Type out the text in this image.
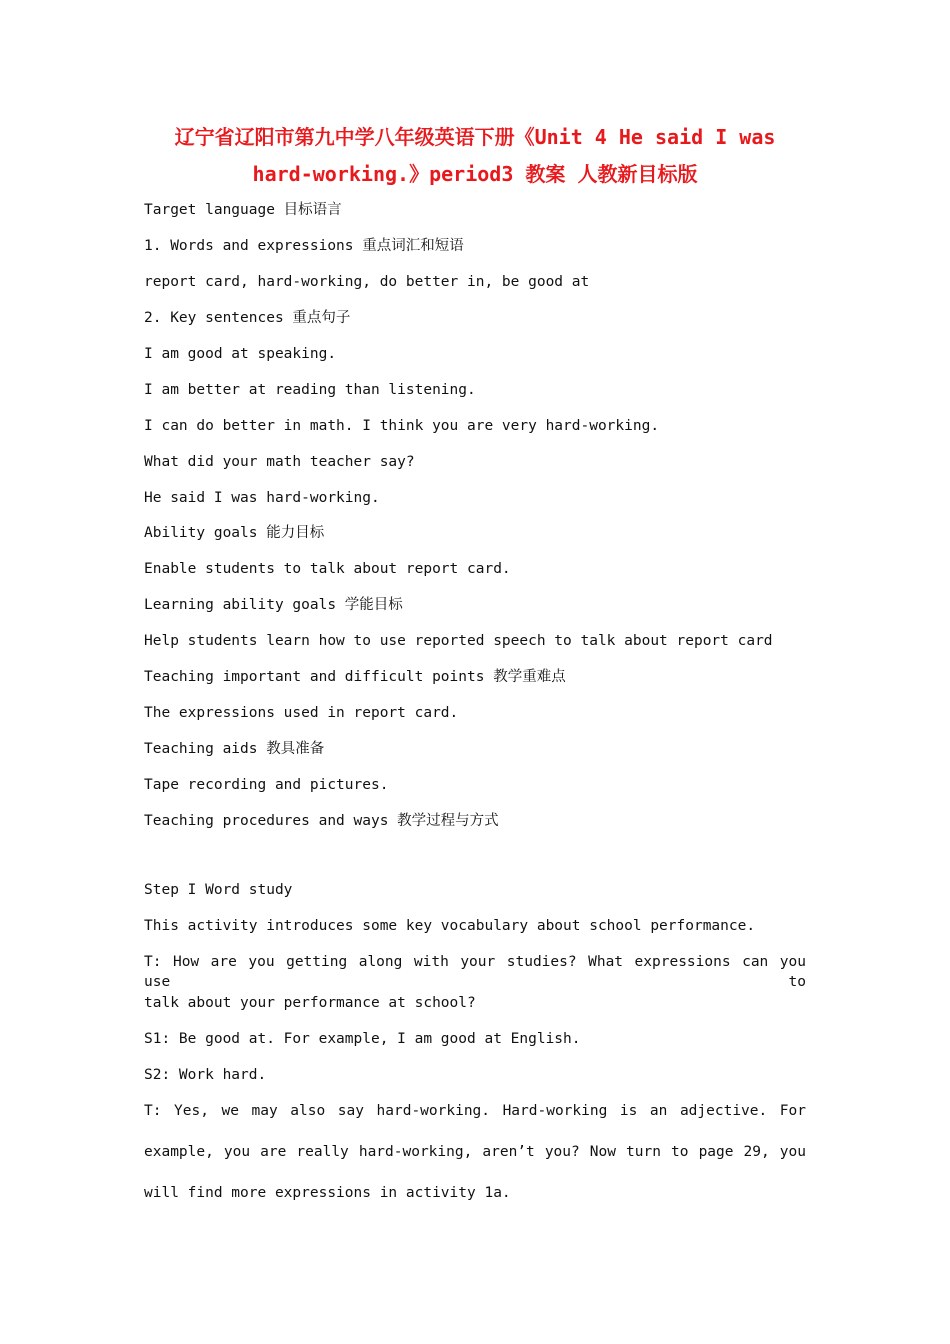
辽宁省辽阳市第九中学八年级英语下册《Unit 4 He said I was
hard-working.》period3 教案 人教新目标版
Target language 目标语言
1. Words and expressions 重点词汇和短语
report card, hard-working, do better in, be good at
2. Key sentences 重点句子
I am good at speaking.
I am better at reading than listening.
I can do better in math. I think you are very hard-working.
What did your math teacher say?
He said I was hard-working.
Ability goals 能力目标
Enable students to talk about report card.
Learning ability goals 学能目标
Help students learn how to use reported speech to talk about report card
Teaching important and difficult points 教学重难点
The expressions used in report card.
Teaching aids 教具准备
Tape recording and pictures.
Teaching procedures and ways 教学过程与方式
Step I Word study
This activity introduces some key vocabulary about school performance.
T: How are you getting along with your studies? What expressions can you use to
talk about your performance at school?
S1: Be good at. For example, I am good at English.
S2: Work hard.
T: Yes, we may also say hard-working. Hard-working is an adjective. For
example, you are really hard-working, aren’t you? Now turn to page 29, you
will find more expressions in activity 1a.
